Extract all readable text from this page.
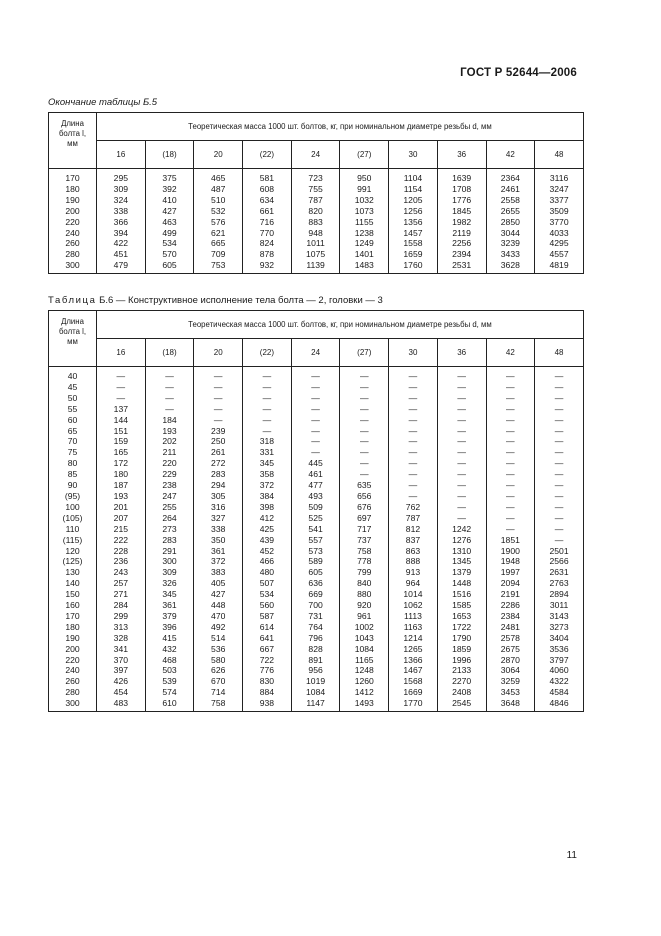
ГОСТ Р 52644—2006
Окончание таблицы Б.5
Длина
болта l,
мм	Теоретическая масса 1000 шт. болтов, кг, при номинальном диаметре резьбы d, мм									
	16	(18)	20	(22)	24	(27)	30	36	42	48
170	295	375	465	581	723	950	1104	1639	2364	3116
180	309	392	487	608	755	991	1154	1708	2461	3247
190	324	410	510	634	787	1032	1205	1776	2558	3377
200	338	427	532	661	820	1073	1256	1845	2655	3509
220	366	463	576	716	883	1155	1356	1982	2850	3770
240	394	499	621	770	948	1238	1457	2119	3044	4033
260	422	534	665	824	1011	1249	1558	2256	3239	4295
280	451	570	709	878	1075	1401	1659	2394	3433	4557
300	479	605	753	932	1139	1483	1760	2531	3628	4819
Таблица Б.6 — Конструктивное исполнение тела болта — 2, головки — 3
Длина
болта l,
мм	Теоретическая масса 1000 шт. болтов, кг, при номинальном диаметре резьбы d, мм									
	16	(18)	20	(22)	24	(27)	30	36	42	48
40	—	—	—	—	—	—	—	—	—	—
45	—	—	—	—	—	—	—	—	—	—
50	—	—	—	—	—	—	—	—	—	—
55	137	—	—	—	—	—	—	—	—	—
60	144	184	—	—	—	—	—	—	—	—
65	151	193	239	—	—	—	—	—	—	—
70	159	202	250	318	—	—	—	—	—	—
75	165	211	261	331	—	—	—	—	—	—
80	172	220	272	345	445	—	—	—	—	—
85	180	229	283	358	461	—	—	—	—	—
90	187	238	294	372	477	635	—	—	—	—
(95)	193	247	305	384	493	656	—	—	—	—
100	201	255	316	398	509	676	762	—	—	—
(105)	207	264	327	412	525	697	787	—	—	—
110	215	273	338	425	541	717	812	1242	—	—
(115)	222	283	350	439	557	737	837	1276	1851	—
120	228	291	361	452	573	758	863	1310	1900	2501
(125)	236	300	372	466	589	778	888	1345	1948	2566
130	243	309	383	480	605	799	913	1379	1997	2631
140	257	326	405	507	636	840	964	1448	2094	2763
150	271	345	427	534	669	880	1014	1516	2191	2894
160	284	361	448	560	700	920	1062	1585	2286	3011
170	299	379	470	587	731	961	1113	1653	2384	3143
180	313	396	492	614	764	1002	1163	1722	2481	3273
190	328	415	514	641	796	1043	1214	1790	2578	3404
200	341	432	536	667	828	1084	1265	1859	2675	3536
220	370	468	580	722	891	1165	1366	1996	2870	3797
240	397	503	626	776	956	1248	1467	2133	3064	4060
260	426	539	670	830	1019	1260	1568	2270	3259	4322
280	454	574	714	884	1084	1412	1669	2408	3453	4584
300	483	610	758	938	1147	1493	1770	2545	3648	4846
11
